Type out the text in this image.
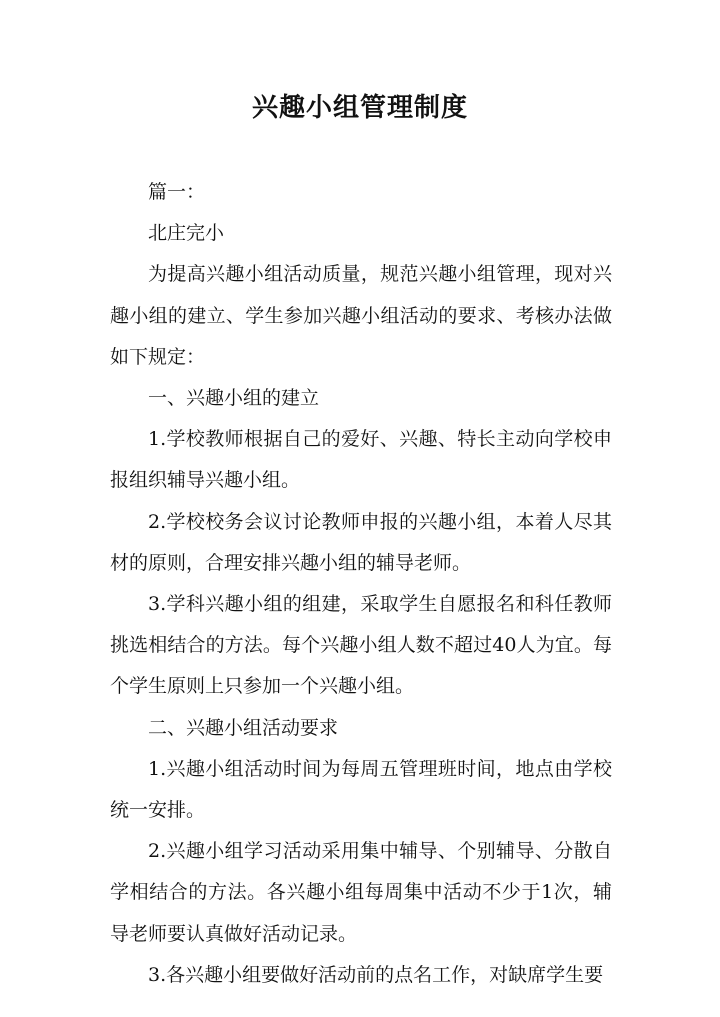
兴趣小组管理制度

篇一：

北庄完小

为提高兴趣小组活动质量，规范兴趣小组管理，现对兴趣小组的建立、学生参加兴趣小组活动的要求、考核办法做如下规定：

一、兴趣小组的建立

1.学校教师根据自己的爱好、兴趣、特长主动向学校申报组织辅导兴趣小组。

2.学校校务会议讨论教师申报的兴趣小组，本着人尽其材的原则，合理安排兴趣小组的辅导老师。

3.学科兴趣小组的组建，采取学生自愿报名和科任教师挑选相结合的方法。每个兴趣小组人数不超过40人为宜。每个学生原则上只参加一个兴趣小组。

二、兴趣小组活动要求

1.兴趣小组活动时间为每周五管理班时间，地点由学校统一安排。

2.兴趣小组学习活动采用集中辅导、个别辅导、分散自学相结合的方法。各兴趣小组每周集中活动不少于1次，辅导老师要认真做好活动记录。

3.各兴趣小组要做好活动前的点名工作，对缺席学生要
